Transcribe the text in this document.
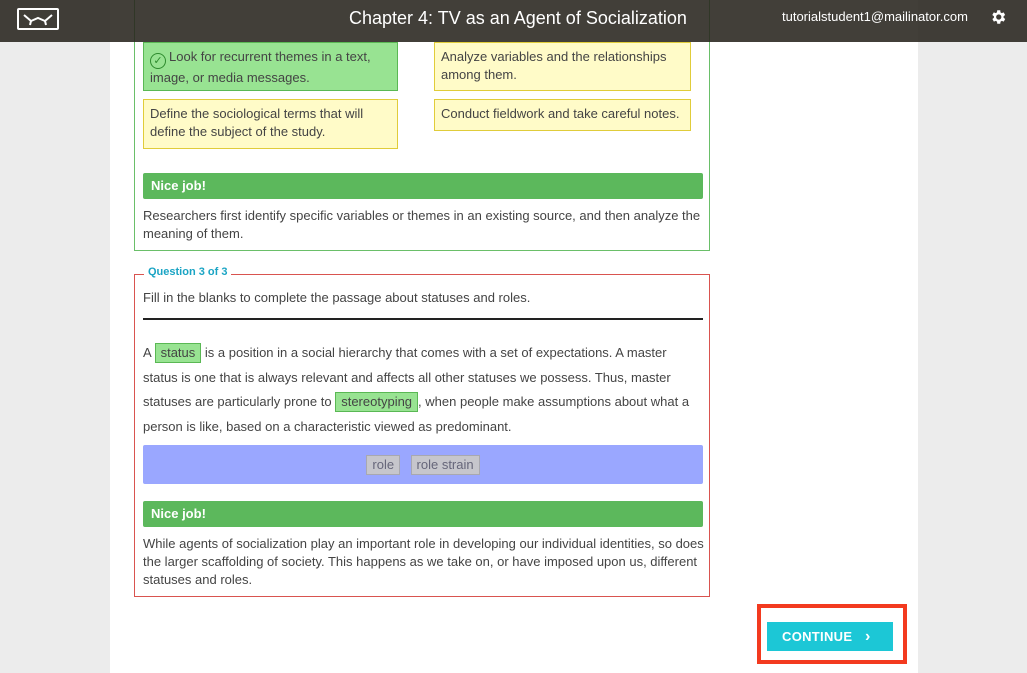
✓ Look for recurrent themes in a text, image, or media messages.
Analyze variables and the relationships among them.
Define the sociological terms that will define the subject of the study.
Conduct fieldwork and take careful notes.
Nice job!
Researchers first identify specific variables or themes in an existing source, and then analyze the meaning of them.
Question 3 of 3
Fill in the blanks to complete the passage about statuses and roles.
A status is a position in a social hierarchy that comes with a set of expectations. A master status is one that is always relevant and affects all other statuses we possess. Thus, master statuses are particularly prone to stereotyping , when people make assumptions about what a person is like, based on a characteristic viewed as predominant.
role role strain
Nice job!
While agents of socialization play an important role in developing our individual identities, so does the larger scaffolding of society. This happens as we take on, or have imposed upon us, different statuses and roles.
Chapter 4: TV as an Agent of Socialization	tutorialstudent1@mailinator.com
CONTINUE ›
